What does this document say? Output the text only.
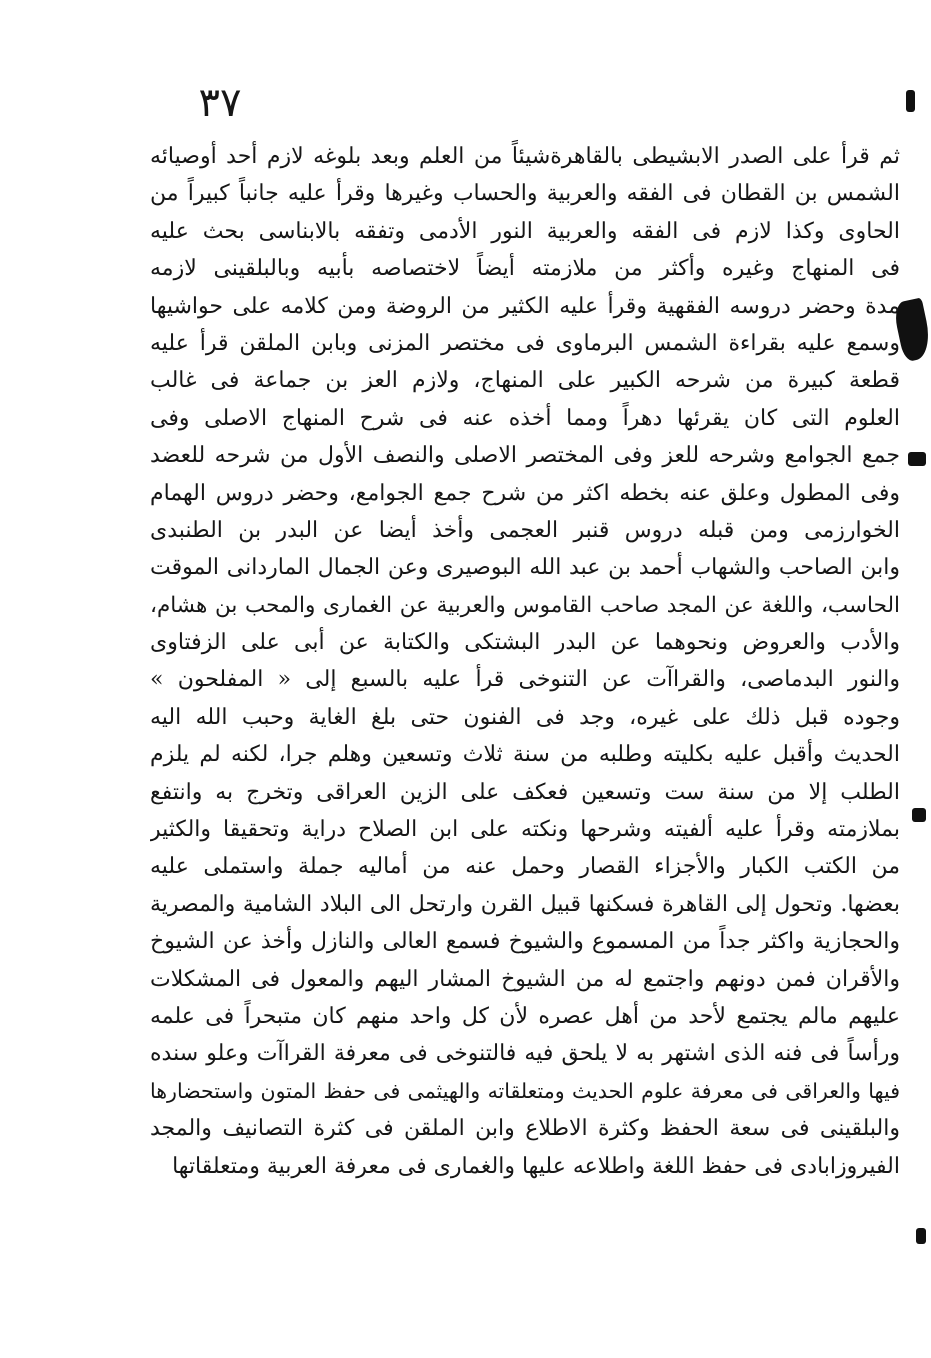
٣٧
ثم قرأ على الصدر الابشيطى بالقاهرةشيئاً من العلم وبعد بلوغه لازم أحد أوصيائه
الشمس بن القطان فى الفقه والعربية والحساب وغيرها وقرأ عليه جانباً كبيراً من
الحاوى وكذا لازم فى الفقه والعربية النور الأدمى وتفقه بالابناسى بحث عليه
فى المنهاج وغيره وأكثر من ملازمته أيضاً لاختصاصه بأبيه وبالبلقينى لازمه
مدة وحضر دروسه الفقهية وقرأ عليه الكثير من الروضة ومن كلامه على حواشيها
وسمع عليه بقراءة الشمس البرماوى فى مختصر المزنى وبابن الملقن قرأ عليه
قطعة كبيرة من شرحه الكبير على المنهاج، ولازم العز بن جماعة فى غالب
العلوم التى كان يقرئها دهراً ومما أخذه عنه فى شرح المنهاج الاصلى وفى
جمع الجوامع وشرحه للعز وفى المختصر الاصلى والنصف الأول من شرحه للعضد
وفى المطول وعلق عنه بخطه اكثر من شرح جمع الجوامع، وحضر دروس الهمام
الخوارزمى ومن قبله دروس قنبر العجمى وأخذ أيضا عن البدر بن الطنبدى
وابن الصاحب والشهاب أحمد بن عبد الله البوصيرى وعن الجمال الماردانى الموقت
الحاسب، واللغة عن المجد صاحب القاموس والعربية عن الغمارى والمحب بن هشام،
والأدب والعروض ونحوهما عن البدر البشتكى والكتابة عن أبى على الزفتاوى
والنور البدماصى، والقراآت عن التنوخى قرأ عليه بالسبع إلى « المفلحون »
وجوده قبل ذلك على غيره، وجد فى الفنون حتى بلغ الغاية وحبب الله اليه
الحديث وأقبل عليه بكليته وطلبه من سنة ثلاث وتسعين وهلم جرا، لكنه لم يلزم
الطلب إلا من سنة ست وتسعين فعكف على الزين العراقى وتخرج به وانتفع
بملازمته وقرأ عليه ألفيته وشرحها ونكته على ابن الصلاح دراية وتحقيقا والكثير
من الكتب الكبار والأجزاء القصار وحمل عنه من أماليه جملة واستملى عليه
بعضها. وتحول إلى القاهرة فسكنها قبيل القرن وارتحل الى البلاد الشامية والمصرية
والحجازية واكثر جداً من المسموع والشيوخ فسمع العالى والنازل وأخذ عن الشيوخ
والأقران فمن دونهم واجتمع له من الشيوخ المشار اليهم والمعول فى المشكلات
عليهم مالم يجتمع لأحد من أهل عصره لأن كل واحد منهم كان متبحراً فى علمه
ورأساً فى فنه الذى اشتهر به لا يلحق فيه فالتنوخى فى معرفة القراآت وعلو سنده
فيها والعراقى فى معرفة علوم الحديث ومتعلقاته والهيثمى فى حفظ المتون واستحضارها
والبلقينى فى سعة الحفظ وكثرة الاطلاع وابن الملقن فى كثرة التصانيف والمجد
الفيروزابادى فى حفظ اللغة واطلاعه عليها والغمارى فى معرفة العربية ومتعلقاتها
